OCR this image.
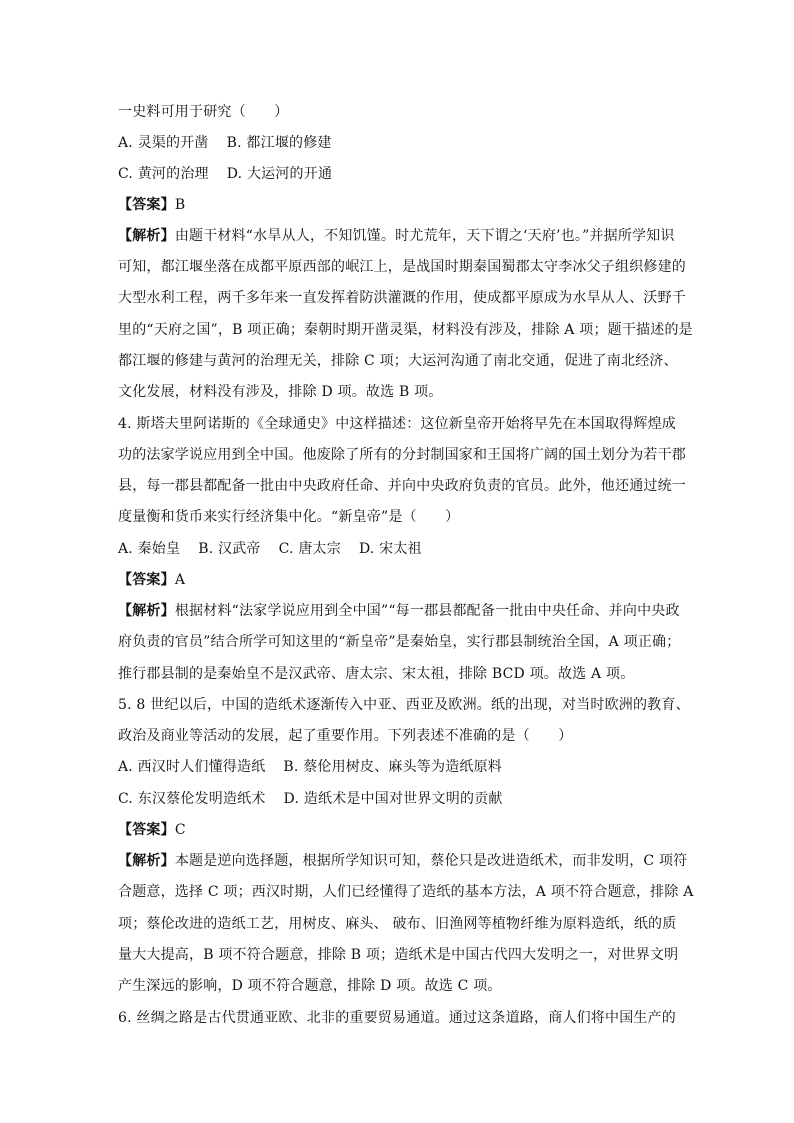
一史料可用于研究（　　）
A. 灵渠的开凿 B. 都江堰的修建
C. 黄河的治理 D. 大运河的开通
【答案】B
【解析】由题干材料“水旱从人，不知饥馑。时尤荒年，天下谓之‘天府’也。”并据所学知识
可知，都江堰坐落在成都平原西部的岷江上，是战国时期秦国蜀郡太守李冰父子组织修建的
大型水利工程，两千多年来一直发挥着防洪灌溉的作用，使成都平原成为水旱从人、沃野千
里的“天府之国”，B 项正确；秦朝时期开凿灵渠，材料没有涉及，排除 A 项；题干描述的是
都江堰的修建与黄河的治理无关，排除 C 项；大运河沟通了南北交通，促进了南北经济、
文化发展，材料没有涉及，排除 D 项。故选 B 项。
4. 斯塔夫里阿诺斯的《全球通史》中这样描述：这位新皇帝开始将早先在本国取得辉煌成
功的法家学说应用到全中国。他废除了所有的分封制国家和王国将广阔的国土划分为若干郡
县，每一郡县都配备一批由中央政府任命、并向中央政府负责的官员。此外，他还通过统一
度量衡和货币来实行经济集中化。“新皇帝”是（　　）
A. 秦始皇 B. 汉武帝 C. 唐太宗 D. 宋太祖
【答案】A
【解析】根据材料“法家学说应用到全中国”“每一郡县都配备一批由中央任命、并向中央政
府负责的官员”结合所学可知这里的“新皇帝”是秦始皇，实行郡县制统治全国，A 项正确；
推行郡县制的是秦始皇不是汉武帝、唐太宗、宋太祖，排除 BCD 项。故选 A 项。
5. 8 世纪以后，中国的造纸术逐渐传入中亚、西亚及欧洲。纸的出现，对当时欧洲的教育、
政治及商业等活动的发展，起了重要作用。下列表述不准确的是（　　）
A. 西汉时人们懂得造纸 B. 蔡伦用树皮、麻头等为造纸原料
C. 东汉蔡伦发明造纸术 D. 造纸术是中国对世界文明的贡献
【答案】C
【解析】本题是逆向选择题，根据所学知识可知，蔡伦只是改进造纸术，而非发明，C 项符
合题意，选择 C 项；西汉时期，人们已经懂得了造纸的基本方法，A 项不符合题意，排除 A
项；蔡伦改进的造纸工艺，用树皮、麻头、 破布、旧渔网等植物纤维为原料造纸，纸的质
量大大提高，B 项不符合题意，排除 B 项；造纸术是中国古代四大发明之一，对世界文明
产生深远的影响，D 项不符合题意，排除 D 项。故选 C 项。
6. 丝绸之路是古代贯通亚欧、北非的重要贸易通道。通过这条道路，商人们将中国生产的
